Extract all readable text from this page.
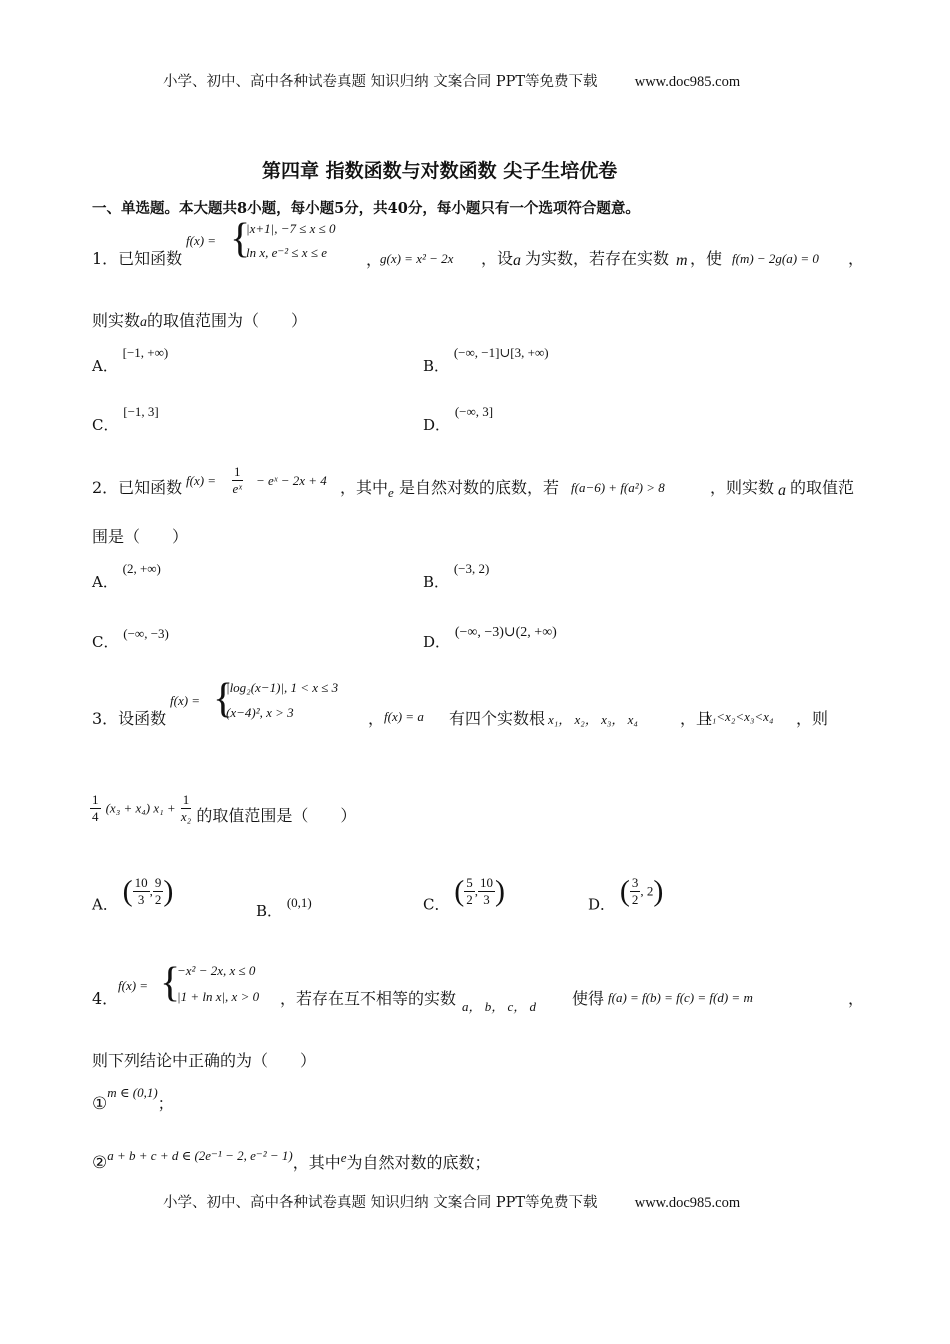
小学、初中、高中各种试卷真题 知识归纳 文案合同 PPT等免费下载	www.doc985.com
第四章 指数函数与对数函数 尖子生培优卷
一、单选题。本大题共8小题，每小题5分，共40分，每小题只有一个选项符合题意。
1．已知函数
f(x) = {
|x+1|, −7 ≤ x ≤ 0
ln x, e⁻² ≤ x ≤ e ，
g(x) = x² − 2x ，设 a 为实数，若存在实数 m ，使 f(m) − 2g(a) = 0 ，
则实数a的取值范围为（　　）
A． [−1, +∞)
B． (−∞, −1]∪[3, +∞)
C． [−1, 3]
D． (−∞, 3]
2．已知函数 $f(x) = \frac{1}{\text{eˣ}}$ − eˣ − 2x + 4 ，其中 e 是自然对数的底数，若 f(a−6) + f(a²) > 8	，则实数 a 的取值范
围是（　　）
A． (2, +∞)
B． (−3, 2)
C． (−∞, −3)	D． (−∞, −3)∪(2, +∞)
3．设函数
f(x) = {
|log₂(x−1)|, 1 < x ≤ 3
(x−4)², x > 3	， f(x) = a 有四个实数根 x₁， x₂， x₃， x₄	，且
x₁<x₂<x₃<x₄ ，则
$\frac{1}{4} (x_3 + x_4) x_1 + \frac{1}{\text{x₂}}$ 的取值范围是（　　）
A． ( $\frac{10}{3}$ , $\frac{9}{2}$ )
B． (0,1)	C． ( $\frac{5}{2}$ , $\frac{10}{3}$ )	D． ( $\frac{3}{2}$ , 2)
4．
f(x) = {
−x² − 2x, x ≤ 0
|1 + ln x|, x > 0 ，若存在互不相等的实数 a， b， c， d 使得 f(a) = f(b) = f(c) = f(d) = m	，
则下列结论中正确的为（　　）
①$^{m \in (0,1)}$；
②$^{a + b + c + d \in (2e^{-1} - 2, e^{-2} - 1)}$，其中$^e$为自然对数的底数；
小学、初中、高中各种试卷真题 知识归纳 文案合同 PPT等免费下载	www.doc985.com
